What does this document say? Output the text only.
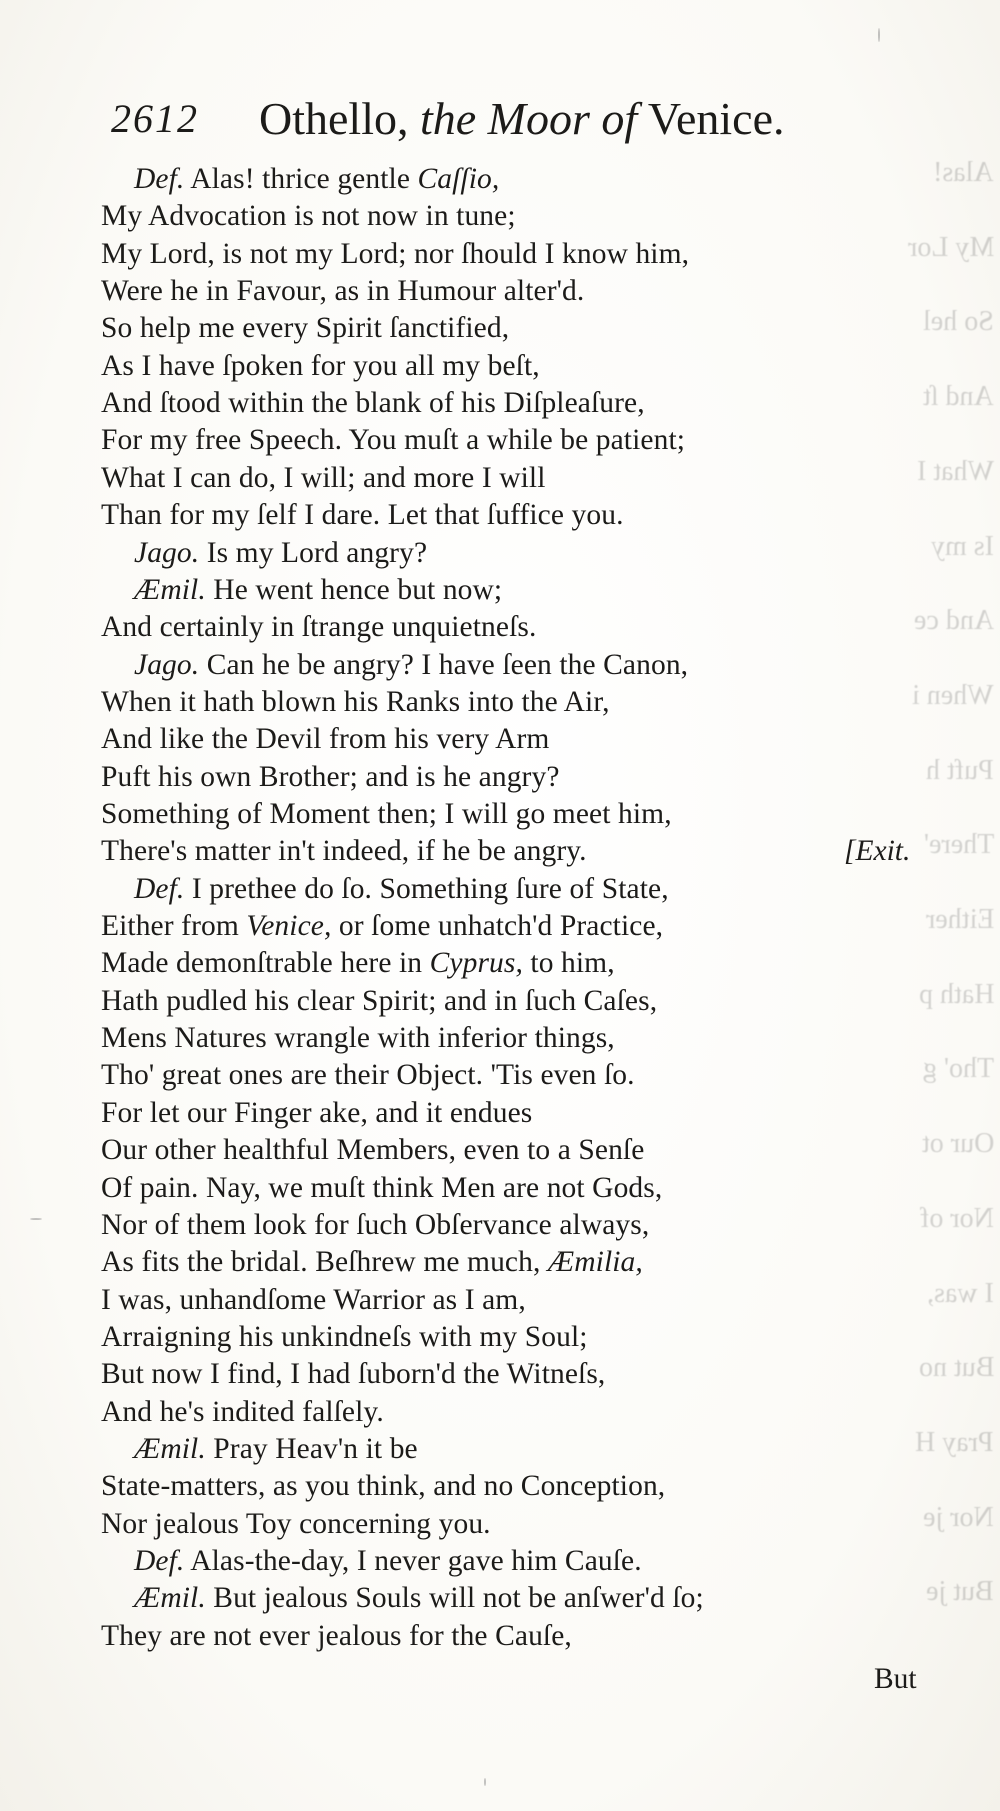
2612 Othello, the Moor of Venice.
Alas!
My Lor
So hel
And ſt
What I
Is my
And ce
When i
Puft h
There'
Either
Hath p
Tho' g
Our ot
Nor of
I was,
But no
Pray H
Nor je
But je
Def. Alas! thrice gentle Caſſio,
My Advocation is not now in tune;
My Lord, is not my Lord; nor ſhould I know him,
Were he in Favour, as in Humour alter'd.
So help me every Spirit ſanctified,
As I have ſpoken for you all my beſt,
And ſtood within the blank of his Diſpleaſure,
For my free Speech. You muſt a while be patient;
What I can do, I will; and more I will
Than for my ſelf I dare. Let that ſuffice you.
Jago. Is my Lord angry?
Æmil. He went hence but now;
And certainly in ſtrange unquietneſs.
Jago. Can he be angry? I have ſeen the Canon,
When it hath blown his Ranks into the Air,
And like the Devil from his very Arm
Puft his own Brother; and is he angry?
Something of Moment then; I will go meet him,
There's matter in't indeed, if he be angry.
Def. I prethee do ſo. Something ſure of State,
Either from Venice, or ſome unhatch'd Practice,
Made demonſtrable here in Cyprus, to him,
Hath pudled his clear Spirit; and in ſuch Caſes,
Mens Natures wrangle with inferior things,
Tho' great ones are their Object. 'Tis even ſo.
For let our Finger ake, and it endues
Our other healthful Members, even to a Senſe
Of pain. Nay, we muſt think Men are not Gods,
Nor of them look for ſuch Obſervance always,
As fits the bridal. Beſhrew me much, Æmilia,
I was, unhandſome Warrior as I am,
Arraigning his unkindneſs with my Soul;
But now I find, I had ſuborn'd the Witneſs,
And he's indited falſely.
Æmil. Pray Heav'n it be
State-matters, as you think, and no Conception,
Nor jealous Toy concerning you.
Def. Alas-the-day, I never gave him Cauſe.
Æmil. But jealous Souls will not be anſwer'd ſo;
They are not ever jealous for the Cauſe,
[Exit.
But
